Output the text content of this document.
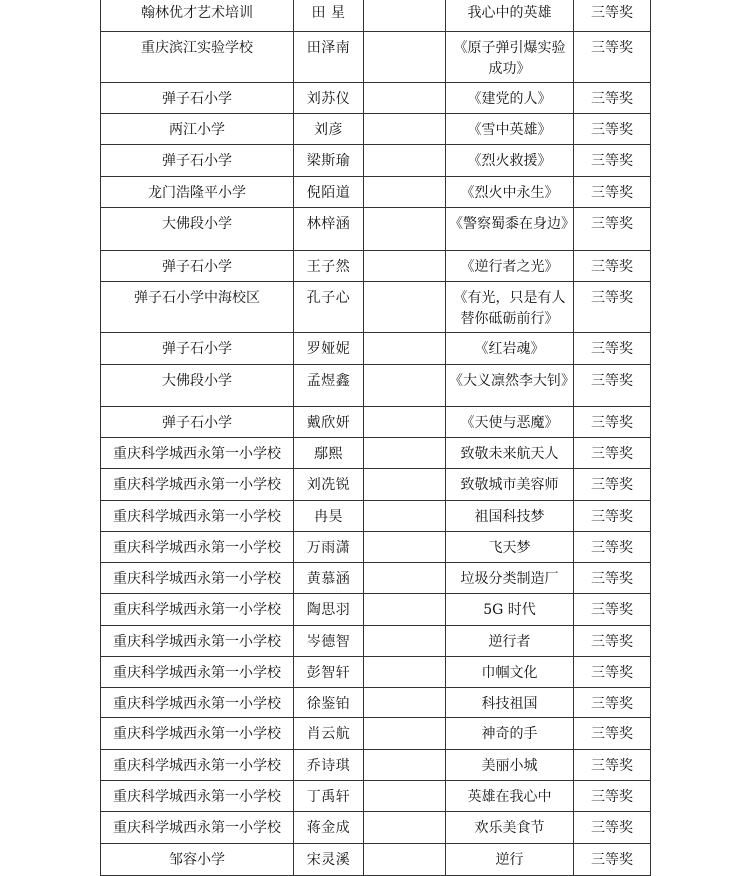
翰林优才艺术培训	田 星		我心中的英雄	三等奖
重庆滨江实验学校	田泽南		《原子弹引爆实验成功》	三等奖
弹子石小学	刘苏仪		《建党的人》	三等奖
两江小学	刘彦		《雪中英雄》	三等奖
弹子石小学	梁斯瑜		《烈火救援》	三等奖
龙门浩隆平小学	倪陌道		《烈火中永生》	三等奖
大佛段小学	林梓涵		《警察蜀黍在身边》	三等奖
弹子石小学	王子然		《逆行者之光》	三等奖
弹子石小学中海校区	孔子心		《有光，只是有人替你砥砺前行》	三等奖
弹子石小学	罗娅妮		《红岩魂》	三等奖
大佛段小学	孟煜鑫		《大义凛然李大钊》	三等奖
弹子石小学	戴欣妍		《天使与恶魔》	三等奖
重庆科学城西永第一小学校	鄢熙		致敬未来航天人	三等奖
重庆科学城西永第一小学校	刘冼锐		致敬城市美容师	三等奖
重庆科学城西永第一小学校	冉昊		祖国科技梦	三等奖
重庆科学城西永第一小学校	万雨潇		飞天梦	三等奖
重庆科学城西永第一小学校	黄慕涵		垃圾分类制造厂	三等奖
重庆科学城西永第一小学校	陶思羽		5G 时代	三等奖
重庆科学城西永第一小学校	岑德智		逆行者	三等奖
重庆科学城西永第一小学校	彭智轩		巾帼文化	三等奖
重庆科学城西永第一小学校	徐鉴铂		科技祖国	三等奖
重庆科学城西永第一小学校	肖云航		神奇的手	三等奖
重庆科学城西永第一小学校	乔诗琪		美丽小城	三等奖
重庆科学城西永第一小学校	丁禹轩		英雄在我心中	三等奖
重庆科学城西永第一小学校	蒋金成		欢乐美食节	三等奖
邹容小学	宋灵溪		逆行	三等奖
